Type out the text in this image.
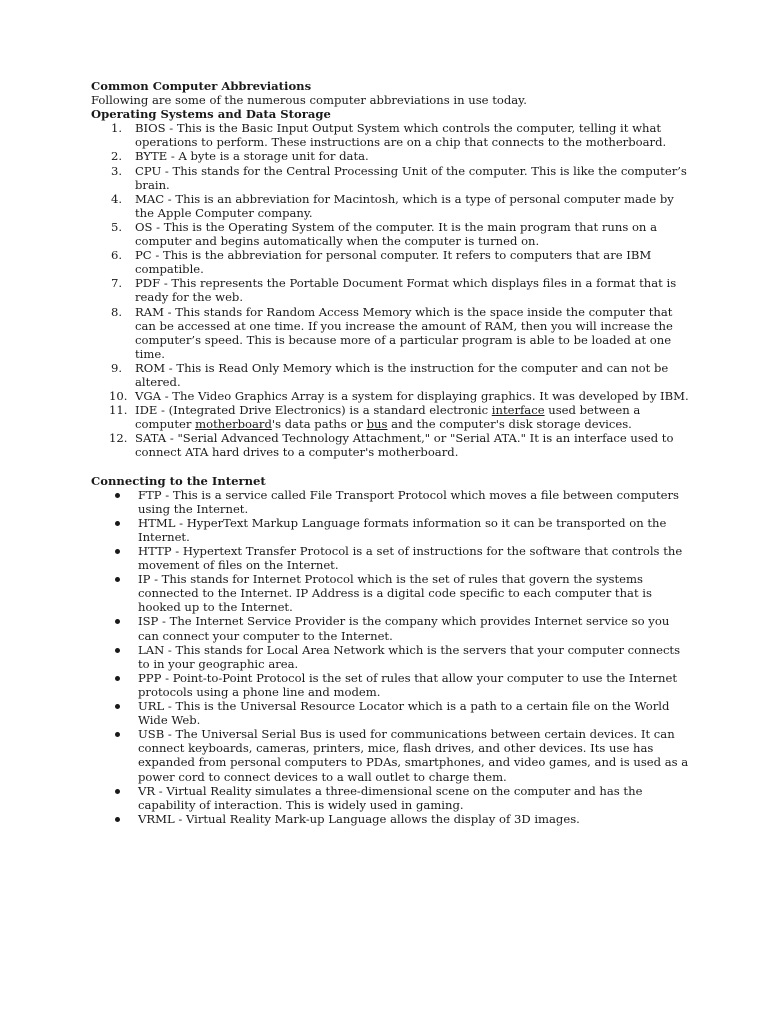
Common Computer Abbreviations

Following are some of the numerous computer abbreviations in use today.

Operating Systems and Data Storage

1. BIOS - This is the Basic Input Output System which controls the computer, telling it what operations to perform. These instructions are on a chip that connects to the motherboard.
2. BYTE - A byte is a storage unit for data.
3. CPU - This stands for the Central Processing Unit of the computer. This is like the computer’s brain.
4. MAC - This is an abbreviation for Macintosh, which is a type of personal computer made by the Apple Computer company.
5. OS - This is the Operating System of the computer. It is the main program that runs on a computer and begins automatically when the computer is turned on.
6. PC - This is the abbreviation for personal computer. It refers to computers that are IBM compatible.
7. PDF - This represents the Portable Document Format which displays files in a format that is ready for the web.
8. RAM - This stands for Random Access Memory which is the space inside the computer that can be accessed at one time. If you increase the amount of RAM, then you will increase the computer’s speed. This is because more of a particular program is able to be loaded at one time.
9. ROM - This is Read Only Memory which is the instruction for the computer and can not be altered.
10. VGA - The Video Graphics Array is a system for displaying graphics. It was developed by IBM.
11. IDE - (Integrated Drive Electronics) is a standard electronic interface used between a computer motherboard's data paths or bus and the computer's disk storage devices.
12. SATA - "Serial Advanced Technology Attachment," or "Serial ATA." It is an interface used to connect ATA hard drives to a computer's motherboard.

Connecting to the Internet

FTP - This is a service called File Transport Protocol which moves a file between computers using the Internet.
HTML - HyperText Markup Language formats information so it can be transported on the Internet.
HTTP - Hypertext Transfer Protocol is a set of instructions for the software that controls the movement of files on the Internet.
IP - This stands for Internet Protocol which is the set of rules that govern the systems connected to the Internet. IP Address is a digital code specific to each computer that is hooked up to the Internet.
ISP - The Internet Service Provider is the company which provides Internet service so you can connect your computer to the Internet.
LAN - This stands for Local Area Network which is the servers that your computer connects to in your geographic area.
PPP - Point-to-Point Protocol is the set of rules that allow your computer to use the Internet protocols using a phone line and modem.
URL - This is the Universal Resource Locator which is a path to a certain file on the World Wide Web.
USB - The Universal Serial Bus is used for communications between certain devices. It can connect keyboards, cameras, printers, mice, flash drives, and other devices. Its use has expanded from personal computers to PDAs, smartphones, and video games, and is used as a power cord to connect devices to a wall outlet to charge them.
VR - Virtual Reality simulates a three-dimensional scene on the computer and has the capability of interaction. This is widely used in gaming.
VRML - Virtual Reality Mark-up Language allows the display of 3D images.
